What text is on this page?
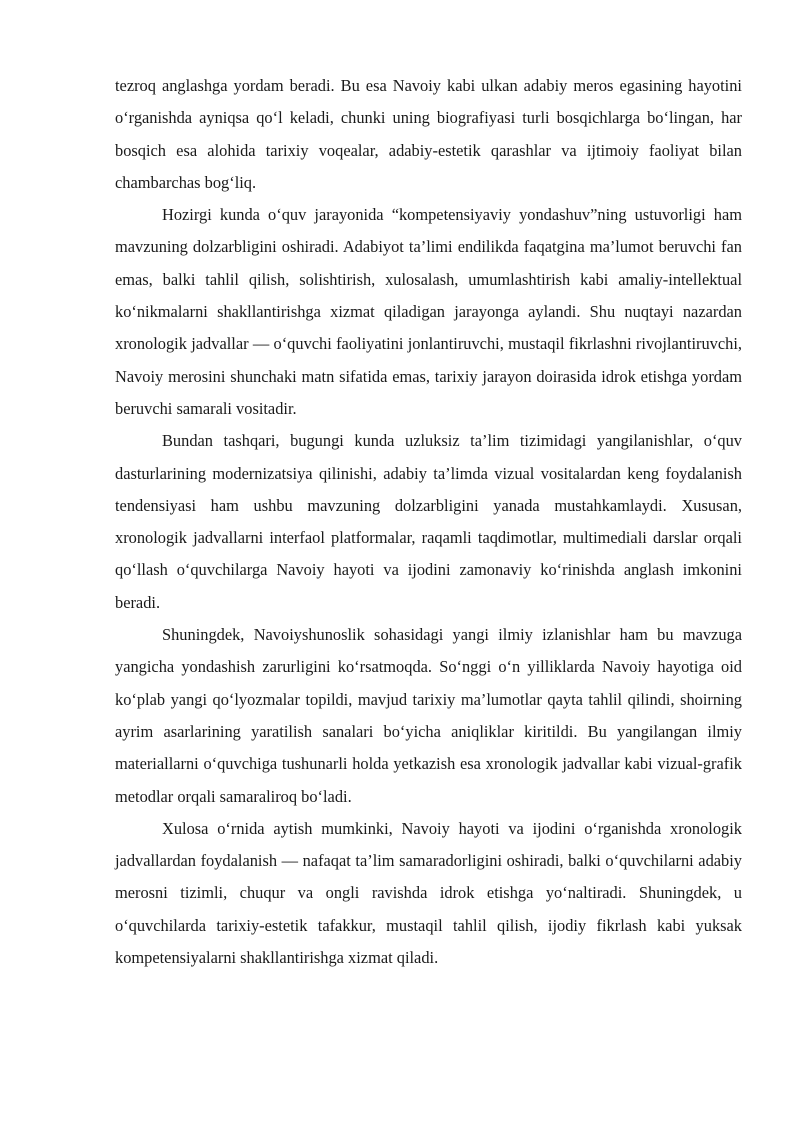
tezroq anglashga yordam beradi. Bu esa Navoiy kabi ulkan adabiy meros egasining hayotini o‘rganishda ayniqsa qo‘l keladi, chunki uning biografiyasi turli bosqichlarga bo‘lingan, har bosqich esa alohida tarixiy voqealar, adabiy-estetik qarashlar va ijtimoiy faoliyat bilan chambarchas bog‘liq.

Hozirgi kunda o‘quv jarayonida “kompetensiyaviy yondashuv”ning ustuvorligi ham mavzuning dolzarbligini oshiradi. Adabiyot ta’limi endilikda faqatgina ma’lumot beruvchi fan emas, balki tahlil qilish, solishtirish, xulosalash, umumlashtirish kabi amaliy-intellektual ko‘nikmalarni shakllantirishga xizmat qiladigan jarayonga aylandi. Shu nuqtayi nazardan xronologik jadvallar — o‘quvchi faoliyatini jonlantiruvchi, mustaqil fikrlashni rivojlantiruvchi, Navoiy merosini shunchaki matn sifatida emas, tarixiy jarayon doirasida idrok etishga yordam beruvchi samarali vositadir.

Bundan tashqari, bugungi kunda uzluksiz ta’lim tizimidagi yangilanishlar, o‘quv dasturlarining modernizatsiya qilinishi, adabiy ta’limda vizual vositalardan keng foydalanish tendensiyasi ham ushbu mavzuning dolzarbligini yanada mustahkamlaydi. Xususan, xronologik jadvallarni interfaol platformalar, raqamli taqdimotlar, multimediali darslar orqali qo‘llash o‘quvchilarga Navoiy hayoti va ijodini zamonaviy ko‘rinishda anglash imkonini beradi.

Shuningdek, Navoiyshunoslik sohasidagi yangi ilmiy izlanishlar ham bu mavzuga yangicha yondashish zarurligini ko‘rsatmoqda. So‘nggi o‘n yilliklarda Navoiy hayotiga oid ko‘plab yangi qo‘lyozmalar topildi, mavjud tarixiy ma’lumotlar qayta tahlil qilindi, shoirning ayrim asarlarining yaratilish sanalari bo‘yicha aniqliklar kiritildi. Bu yangilangan ilmiy materiallarni o‘quvchiga tushunarli holda yetkazish esa xronologik jadvallar kabi vizual-grafik metodlar orqali samaraliroq bo‘ladi.

Xulosa o‘rnida aytish mumkinki, Navoiy hayoti va ijodini o‘rganishda xronologik jadvallardan foydalanish — nafaqat ta’lim samaradorligini oshiradi, balki o‘quvchilarni adabiy merosni tizimli, chuqur va ongli ravishda idrok etishga yo‘naltiradi. Shuningdek, u o‘quvchilarda tarixiy-estetik tafakkur, mustaqil tahlil qilish, ijodiy fikrlash kabi yuksak kompetensiyalarni shakllantirishga xizmat qiladi.
